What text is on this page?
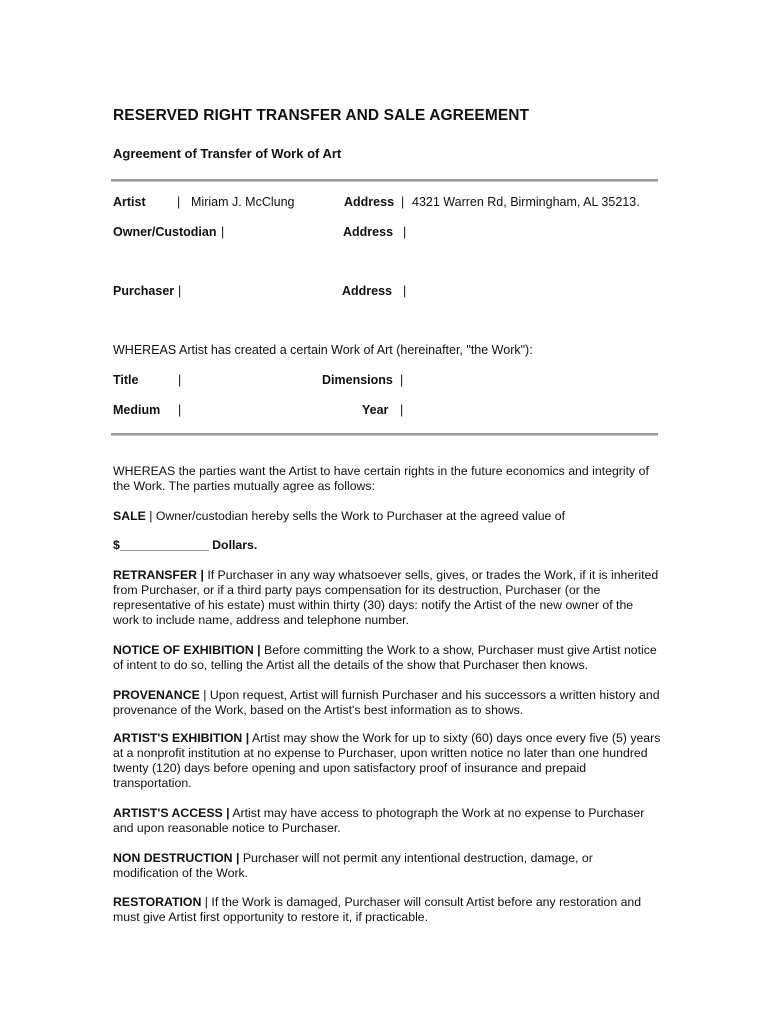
RESERVED RIGHT TRANSFER AND SALE AGREEMENT
Agreement of Transfer of Work of Art
Artist	| Miriam J. McClung	Address | 4321 Warren Rd, Birmingham, AL 35213.
Owner/Custodian |	Address |
Purchaser |	Address |
WHEREAS Artist has created a certain Work of Art (hereinafter, "the Work"):
Title	|	Dimensions |
Medium |	Year |
WHEREAS the parties want the Artist to have certain rights in the future economics and integrity of the Work. The parties mutually agree as follows:
SALE | Owner/custodian hereby sells the Work to Purchaser at the agreed value of
$_____________ Dollars.
RETRANSFER | If Purchaser in any way whatsoever sells, gives, or trades the Work, if it is inherited from Purchaser, or if a third party pays compensation for its destruction, Purchaser (or the representative of his estate) must within thirty (30) days: notify the Artist of the new owner of the work to include name, address and telephone number.
NOTICE OF EXHIBITION | Before committing the Work to a show, Purchaser must give Artist notice of intent to do so, telling the Artist all the details of the show that Purchaser then knows.
PROVENANCE | Upon request, Artist will furnish Purchaser and his successors a written history and provenance of the Work, based on the Artist's best information as to shows.
ARTIST'S EXHIBITION | Artist may show the Work for up to sixty (60) days once every five (5) years at a nonprofit institution at no expense to Purchaser, upon written notice no later than one hundred twenty (120) days before opening and upon satisfactory proof of insurance and prepaid transportation.
ARTIST'S ACCESS | Artist may have access to photograph the Work at no expense to Purchaser and upon reasonable notice to Purchaser.
NON DESTRUCTION | Purchaser will not permit any intentional destruction, damage, or modification of the Work.
RESTORATION | If the Work is damaged, Purchaser will consult Artist before any restoration and must give Artist first opportunity to restore it, if practicable.
